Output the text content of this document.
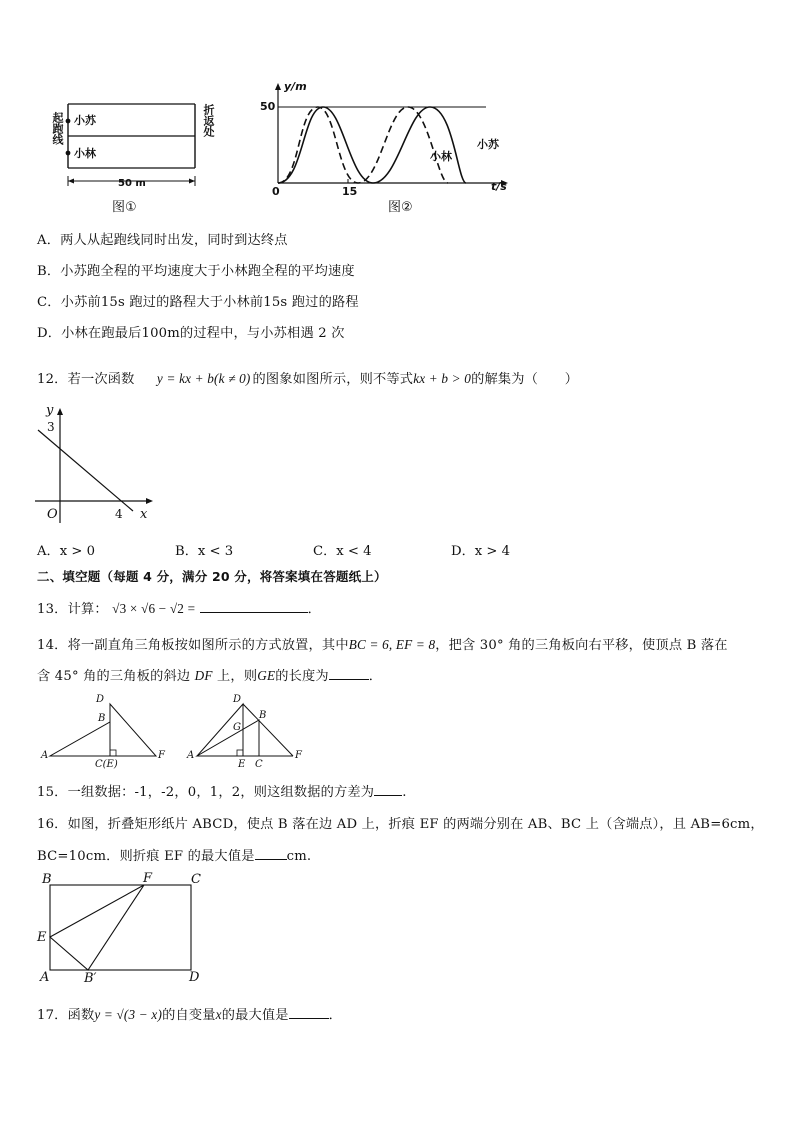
起跑线	折返处
小苏
小林
50 m
图①
y/m
50
0	15	t/s
小苏
小林
图②
A．两人从起跑线同时出发，同时到达终点
B．小苏跑全程的平均速度大于小林跑全程的平均速度
C．小苏前15s 跑过的路程大于小林前15s 跑过的路程
D．小林在跑最后100m的过程中，与小苏相遇 2 次
12．若一次函数 y = kx + b(k ≠ 0) 的图象如图所示，则不等式kx + b > 0的解集为（　　）
y
3
O	4 x
A．x > 0	B．x < 3	C．x < 4	D．x > 4
二、填空题（每题 4 分，满分 20 分，将答案填在答题纸上）
13．计算： √3 × √6 − √2 =	．
14．将一副直角三角板按如图所示的方式放置，其中BC = 6, EF = 8，把含 30° 角的三角板向右平移，使顶点 B 落在
含 45° 角的三角板的斜边 DF 上，则GE的长度为	．
D
B
A
C(E)
F
D
G
B
A
E C
F
15．一组数据：-1，-2，0，1，2，则这组数据的方差为 .
16．如图，折叠矩形纸片 ABCD，使点 B 落在边 AD 上，折痕 EF 的两端分别在 AB、BC 上（含端点），且 AB=6cm，
BC=10cm．则折痕 EF 的最大值是 cm.
B	F	C
E
A	B′	D
17．函数y = √(3 − x)的自变量x的最大值是	．
